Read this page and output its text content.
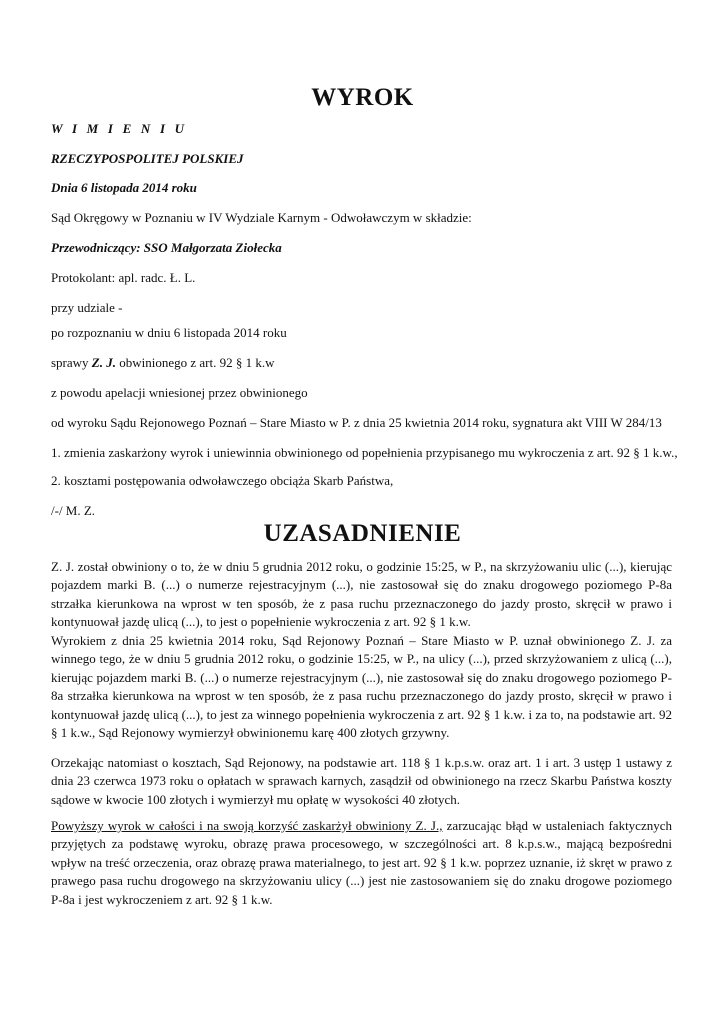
WYROK

W I M I E N I U

RZECZYPOSPOLITEJ POLSKIEJ

Dnia 6 listopada 2014 roku

Sąd Okręgowy w Poznaniu w IV Wydziale Karnym - Odwoławczym w składzie:

Przewodniczący: SSO Małgorzata Ziołecka

Protokolant: apl. radc. Ł. L.

przy udziale -

po rozpoznaniu w dniu 6 listopada 2014 roku

sprawy Z. J. obwinionego z art. 92 § 1 k.w

z powodu apelacji wniesionej przez obwinionego

od wyroku Sądu Rejonowego Poznań – Stare Miasto w P. z dnia 25 kwietnia 2014 roku, sygnatura akt VIII W 284/13

1. zmienia zaskarżony wyrok i uniewinnia obwinionego od popełnienia przypisanego mu wykroczenia z art. 92 § 1 k.w.,

2. kosztami postępowania odwoławczego obciąża Skarb Państwa,

/-/ M. Z.

UZASADNIENIE

Z. J. został obwiniony o to, że w dniu 5 grudnia 2012 roku, o godzinie 15:25, w P., na skrzyżowaniu ulic (...), kierując pojazdem marki B. (...) o numerze rejestracyjnym (...), nie zastosował się do znaku drogowego poziomego P-8a strzałka kierunkowa na wprost w ten sposób, że z pasa ruchu przeznaczonego do jazdy prosto, skręcił w prawo i kontynuował jazdę ulicą (...), to jest o popełnienie wykroczenia z art. 92 § 1 k.w.

Wyrokiem z dnia 25 kwietnia 2014 roku, Sąd Rejonowy Poznań – Stare Miasto w P. uznał obwinionego Z. J. za winnego tego, że w dniu 5 grudnia 2012 roku, o godzinie 15:25, w P., na ulicy (...), przed skrzyżowaniem z ulicą (...), kierując pojazdem marki B. (...) o numerze rejestracyjnym (...), nie zastosował się do znaku drogowego poziomego P-8a strzałka kierunkowa na wprost w ten sposób, że z pasa ruchu przeznaczonego do jazdy prosto, skręcił w prawo i kontynuował jazdę ulicą (...), to jest za winnego popełnienia wykroczenia z art. 92 § 1 k.w. i za to, na podstawie art. 92 § 1 k.w., Sąd Rejonowy wymierzył obwinionemu karę 400 złotych grzywny.

Orzekając natomiast o kosztach, Sąd Rejonowy, na podstawie art. 118 § 1 k.p.s.w. oraz art. 1 i art. 3 ustęp 1 ustawy z dnia 23 czerwca 1973 roku o opłatach w sprawach karnych, zasądził od obwinionego na rzecz Skarbu Państwa koszty sądowe w kwocie 100 złotych i wymierzył mu opłatę w wysokości 40 złotych.

Powyższy wyrok w całości i na swoją korzyść zaskarżył obwiniony Z. J., zarzucając błąd w ustaleniach faktycznych przyjętych za podstawę wyroku, obrazę prawa procesowego, w szczególności art. 8 k.p.s.w., mającą bezpośredni wpływ na treść orzeczenia, oraz obrazę prawa materialnego, to jest art. 92 § 1 k.w. poprzez uznanie, iż skręt w prawo z prawego pasa ruchu drogowego na skrzyżowaniu ulicy (...) jest nie zastosowaniem się do znaku drogowe poziomego P-8a i jest wykroczeniem z art. 92 § 1 k.w.
